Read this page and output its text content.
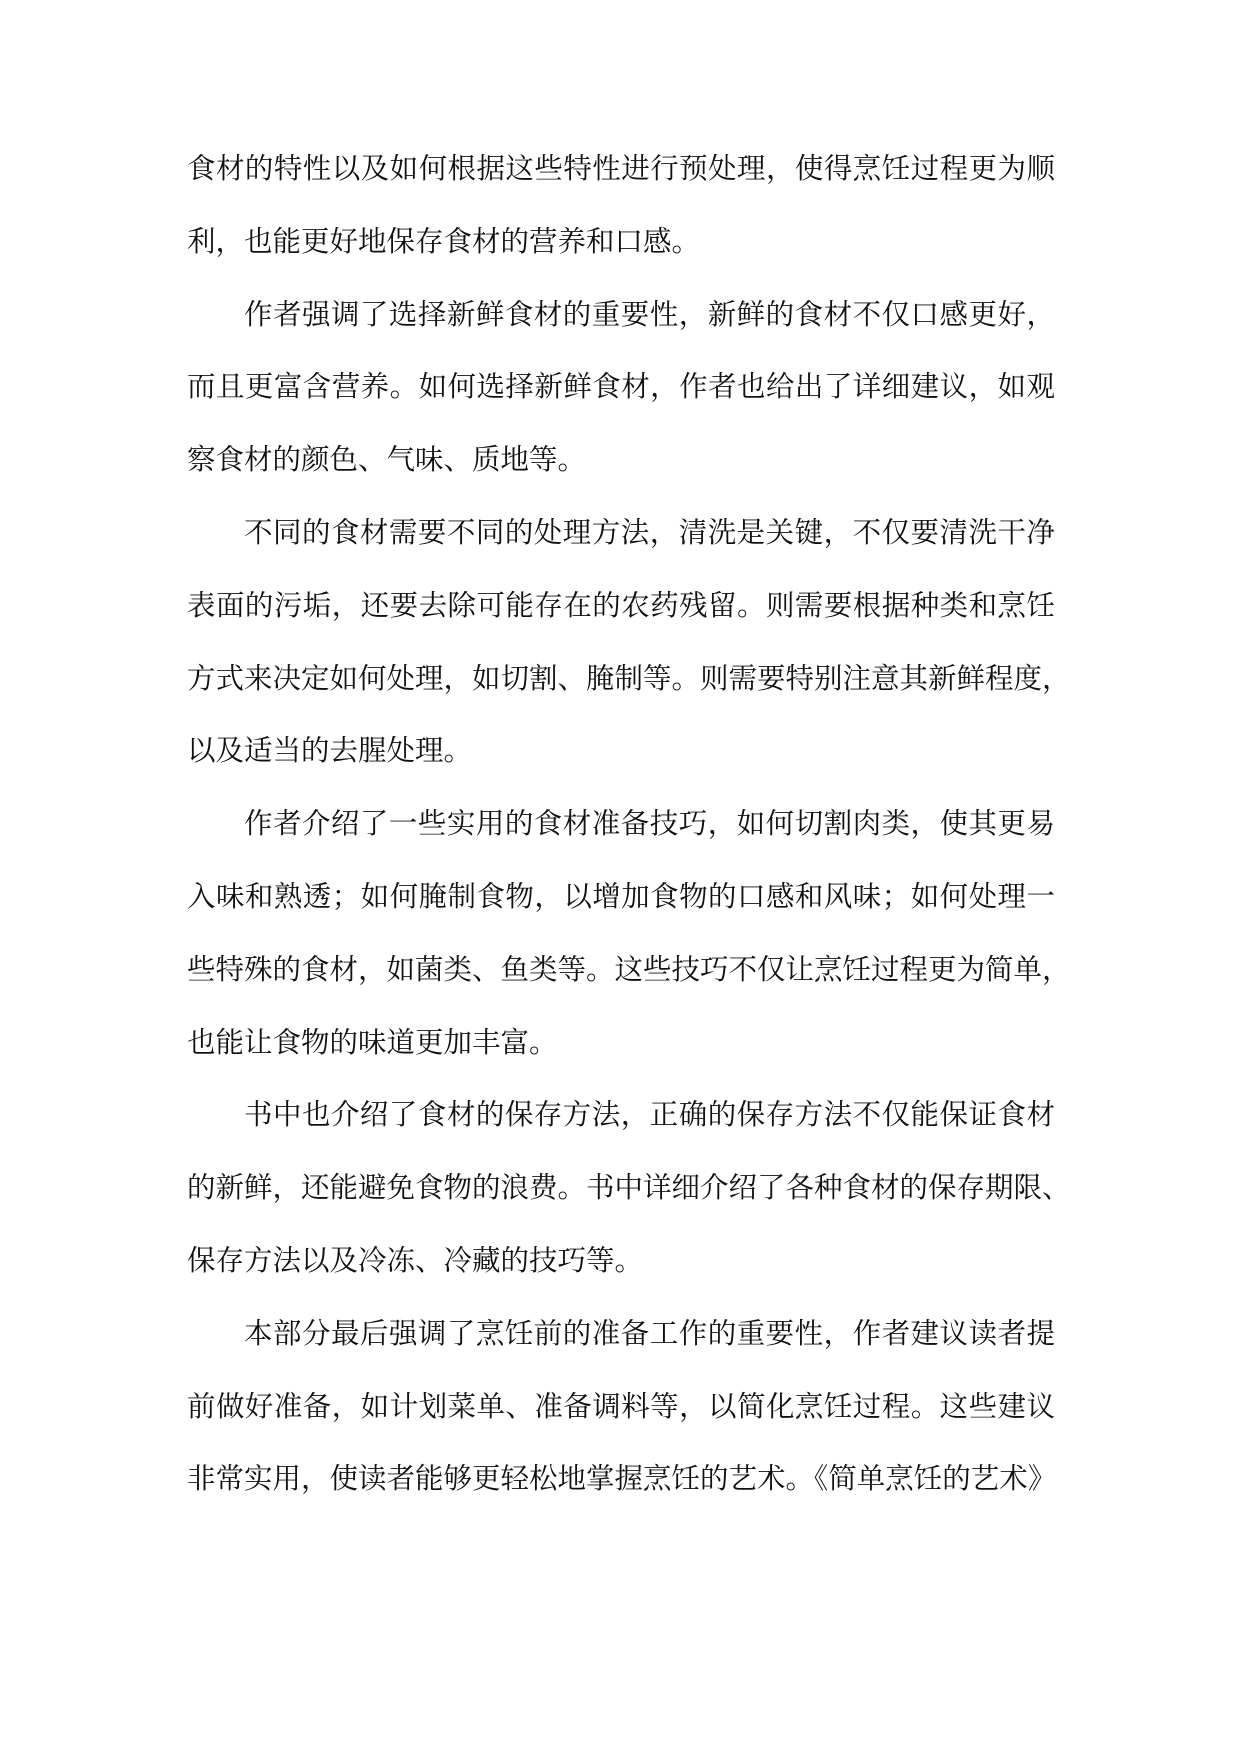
食材的特性以及如何根据这些特性进行预处理，使得烹饪过程更为顺
利，也能更好地保存食材的营养和口感。
作者强调了选择新鲜食材的重要性，新鲜的食材不仅口感更好，
而且更富含营养。如何选择新鲜食材，作者也给出了详细建议，如观
察食材的颜色、气味、质地等。
不同的食材需要不同的处理方法，清洗是关键，不仅要清洗干净
表面的污垢，还要去除可能存在的农药残留。则需要根据种类和烹饪
方式来决定如何处理，如切割、腌制等。则需要特别注意其新鲜程度，
以及适当的去腥处理。
作者介绍了一些实用的食材准备技巧，如何切割肉类，使其更易
入味和熟透；如何腌制食物，以增加食物的口感和风味；如何处理一
些特殊的食材，如菌类、鱼类等。这些技巧不仅让烹饪过程更为简单，
也能让食物的味道更加丰富。
书中也介绍了食材的保存方法，正确的保存方法不仅能保证食材
的新鲜，还能避免食物的浪费。书中详细介绍了各种食材的保存期限、
保存方法以及冷冻、冷藏的技巧等。
本部分最后强调了烹饪前的准备工作的重要性，作者建议读者提
前做好准备，如计划菜单、准备调料等，以简化烹饪过程。这些建议
非常实用，使读者能够更轻松地掌握烹饪的艺术。《简单烹饪的艺术》
